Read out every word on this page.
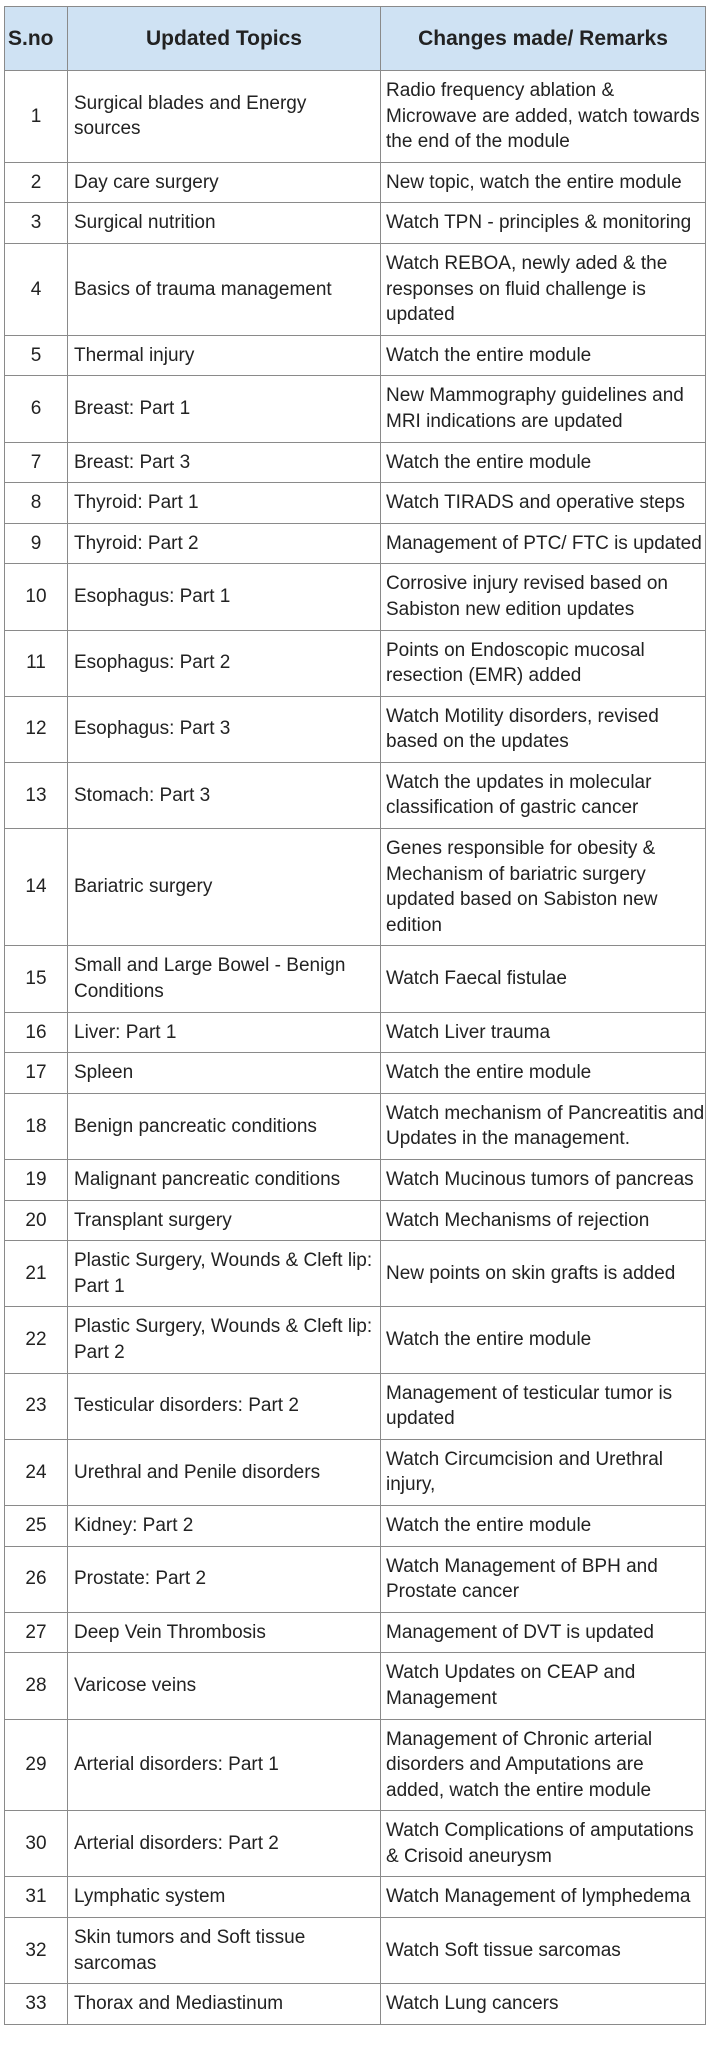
S.no	Updated Topics	Changes made/ Remarks
1	Surgical blades and Energy sources	Radio frequency ablation & Microwave are added, watch towards the end of the module
2	Day care surgery	New topic, watch the entire module
3	Surgical nutrition	Watch TPN - principles & monitoring
4	Basics of trauma management	Watch REBOA, newly aded & the responses on fluid challenge is updated
5	Thermal injury	Watch the entire module
6	Breast: Part 1	New Mammography guidelines and MRI indications are updated
7	Breast: Part 3	Watch the entire module
8	Thyroid: Part 1	Watch TIRADS and operative steps
9	Thyroid: Part 2	Management of PTC/ FTC is updated
10	Esophagus: Part 1	Corrosive injury revised based on Sabiston new edition updates
11	Esophagus: Part 2	Points on Endoscopic mucosal resection (EMR) added
12	Esophagus: Part 3	Watch Motility disorders, revised based on the updates
13	Stomach: Part 3	Watch the updates in molecular classification of gastric cancer
14	Bariatric surgery	Genes responsible for obesity & Mechanism of bariatric surgery updated based on Sabiston new edition
15	Small and Large Bowel - Benign Conditions	Watch Faecal fistulae
16	Liver: Part 1	Watch Liver trauma
17	Spleen	Watch the entire module
18	Benign pancreatic conditions	Watch mechanism of Pancreatitis and Updates in the management.
19	Malignant pancreatic conditions	Watch Mucinous tumors of pancreas
20	Transplant surgery	Watch Mechanisms of rejection
21	Plastic Surgery, Wounds & Cleft lip: Part 1	New points on skin grafts is added
22	Plastic Surgery, Wounds & Cleft lip: Part 2	Watch the entire module
23	Testicular disorders: Part 2	Management of testicular tumor is updated
24	Urethral and Penile disorders	Watch Circumcision and Urethral injury,
25	Kidney: Part 2	Watch the entire module
26	Prostate: Part 2	Watch Management of BPH and Prostate cancer
27	Deep Vein Thrombosis	Management of DVT is updated
28	Varicose veins	Watch Updates on CEAP and Management
29	Arterial disorders: Part 1	Management of Chronic arterial disorders and Amputations are added, watch the entire module
30	Arterial disorders: Part 2	Watch Complications of amputations & Crisoid aneurysm
31	Lymphatic system	Watch Management of lymphedema
32	Skin tumors and Soft tissue sarcomas	Watch Soft tissue sarcomas
33	Thorax and Mediastinum	Watch Lung cancers
